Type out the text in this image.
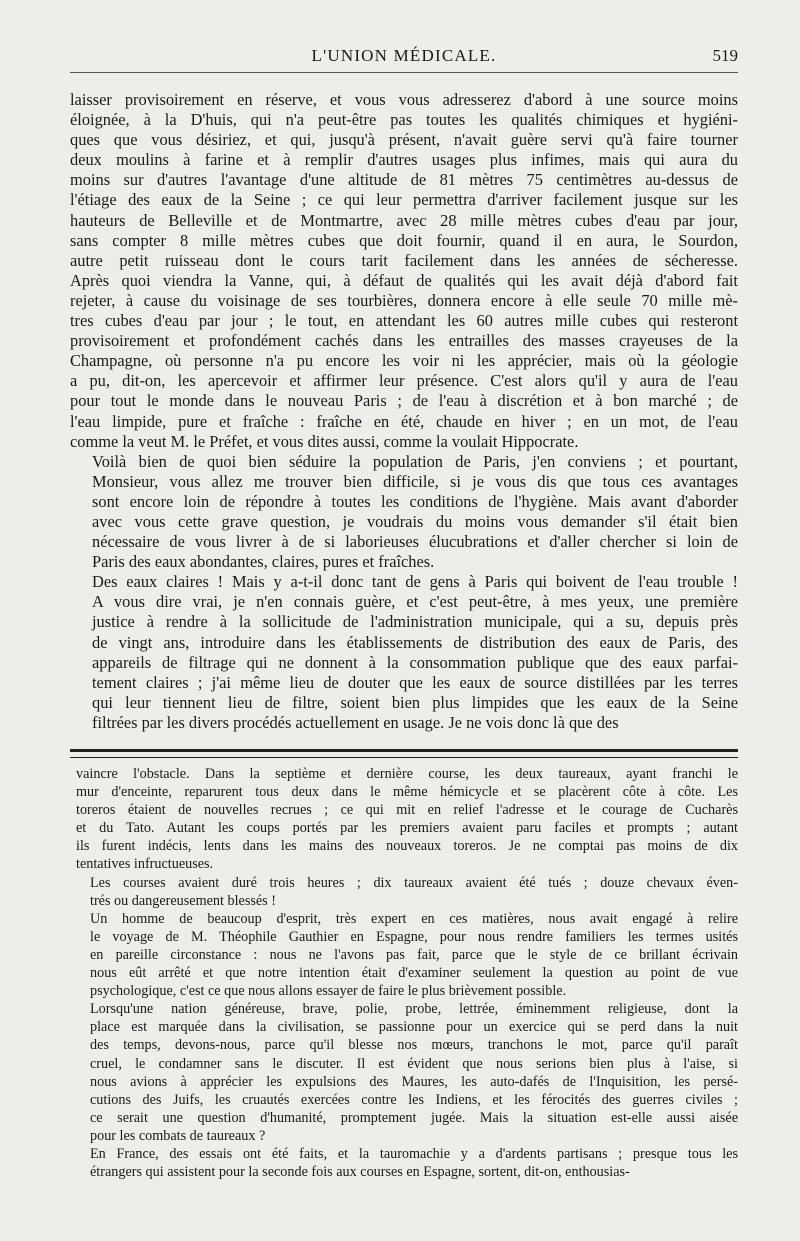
L'UNION MÉDICALE.	519

laisser provisoirement en réserve, et vous vous adresserez d'abord à une source moins
éloignée, à la D'huis, qui n'a peut-être pas toutes les qualités chimiques et hygiéni-
ques que vous désiriez, et qui, jusqu'à présent, n'avait guère servi qu'à faire tourner
deux moulins à farine et à remplir d'autres usages plus infimes, mais qui aura du
moins sur d'autres l'avantage d'une altitude de 81 mètres 75 centimètres au-dessus de
l'étiage des eaux de la Seine ; ce qui leur permettra d'arriver facilement jusque sur les
hauteurs de Belleville et de Montmartre, avec 28 mille mètres cubes d'eau par jour,
sans compter 8 mille mètres cubes que doit fournir, quand il en aura, le Sourdon,
autre petit ruisseau dont le cours tarit facilement dans les années de sécheresse.
Après quoi viendra la Vanne, qui, à défaut de qualités qui les avait déjà d'abord fait
rejeter, à cause du voisinage de ses tourbières, donnera encore à elle seule 70 mille mè-
tres cubes d'eau par jour ; le tout, en attendant les 60 autres mille cubes qui resteront
provisoirement et profondément cachés dans les entrailles des masses crayeuses de la
Champagne, où personne n'a pu encore les voir ni les apprécier, mais où la géologie
a pu, dit-on, les apercevoir et affirmer leur présence. C'est alors qu'il y aura de l'eau
pour tout le monde dans le nouveau Paris ; de l'eau à discrétion et à bon marché ; de
l'eau limpide, pure et fraîche : fraîche en été, chaude en hiver ; en un mot, de l'eau
comme la veut M. le Préfet, et vous dites aussi, comme la voulait Hippocrate.

Voilà bien de quoi bien séduire la population de Paris, j'en conviens ; et pourtant,
Monsieur, vous allez me trouver bien difficile, si je vous dis que tous ces avantages
sont encore loin de répondre à toutes les conditions de l'hygiène. Mais avant d'aborder
avec vous cette grave question, je voudrais du moins vous demander s'il était bien
nécessaire de vous livrer à de si laborieuses élucubrations et d'aller chercher si loin de
Paris des eaux abondantes, claires, pures et fraîches.

Des eaux claires ! Mais y a-t-il donc tant de gens à Paris qui boivent de l'eau trouble !
A vous dire vrai, je n'en connais guère, et c'est peut-être, à mes yeux, une première
justice à rendre à la sollicitude de l'administration municipale, qui a su, depuis près
de vingt ans, introduire dans les établissements de distribution des eaux de Paris, des
appareils de filtrage qui ne donnent à la consommation publique que des eaux parfai-
tement claires ; j'ai même lieu de douter que les eaux de source distillées par les terres
qui leur tiennent lieu de filtre, soient bien plus limpides que les eaux de la Seine
filtrées par les divers procédés actuellement en usage. Je ne vois donc là que des

vaincre l'obstacle. Dans la septième et dernière course, les deux taureaux, ayant franchi le
mur d'enceinte, reparurent tous deux dans le même hémicycle et se placèrent côte à côte. Les
toreros étaient de nouvelles recrues ; ce qui mit en relief l'adresse et le courage de Cucharès
et du Tato. Autant les coups portés par les premiers avaient paru faciles et prompts ; autant
ils furent indécis, lents dans les mains des nouveaux toreros. Je ne comptai pas moins de dix
tentatives infructueuses.

Les courses avaient duré trois heures ; dix taureaux avaient été tués ; douze chevaux éven-
trés ou dangereusement blessés !

Un homme de beaucoup d'esprit, très expert en ces matières, nous avait engagé à relire
le voyage de M. Théophile Gauthier en Espagne, pour nous rendre familiers les termes usités
en pareille circonstance : nous ne l'avons pas fait, parce que le style de ce brillant écrivain
nous eût arrêté et que notre intention était d'examiner seulement la question au point de vue
psychologique, c'est ce que nous allons essayer de faire le plus brièvement possible.

Lorsqu'une nation généreuse, brave, polie, probe, lettrée, éminemment religieuse, dont la
place est marquée dans la civilisation, se passionne pour un exercice qui se perd dans la nuit
des temps, devons-nous, parce qu'il blesse nos mœurs, tranchons le mot, parce qu'il paraît
cruel, le condamner sans le discuter. Il est évident que nous serions bien plus à l'aise, si
nous avions à apprécier les expulsions des Maures, les auto-dafés de l'Inquisition, les persé-
cutions des Juifs, les cruautés exercées contre les Indiens, et les férocités des guerres civiles ;
ce serait une question d'humanité, promptement jugée. Mais la situation est-elle aussi aisée
pour les combats de taureaux ?

En France, des essais ont été faits, et la tauromachie y a d'ardents partisans ; presque tous les
étrangers qui assistent pour la seconde fois aux courses en Espagne, sortent, dit-on, enthousias-
